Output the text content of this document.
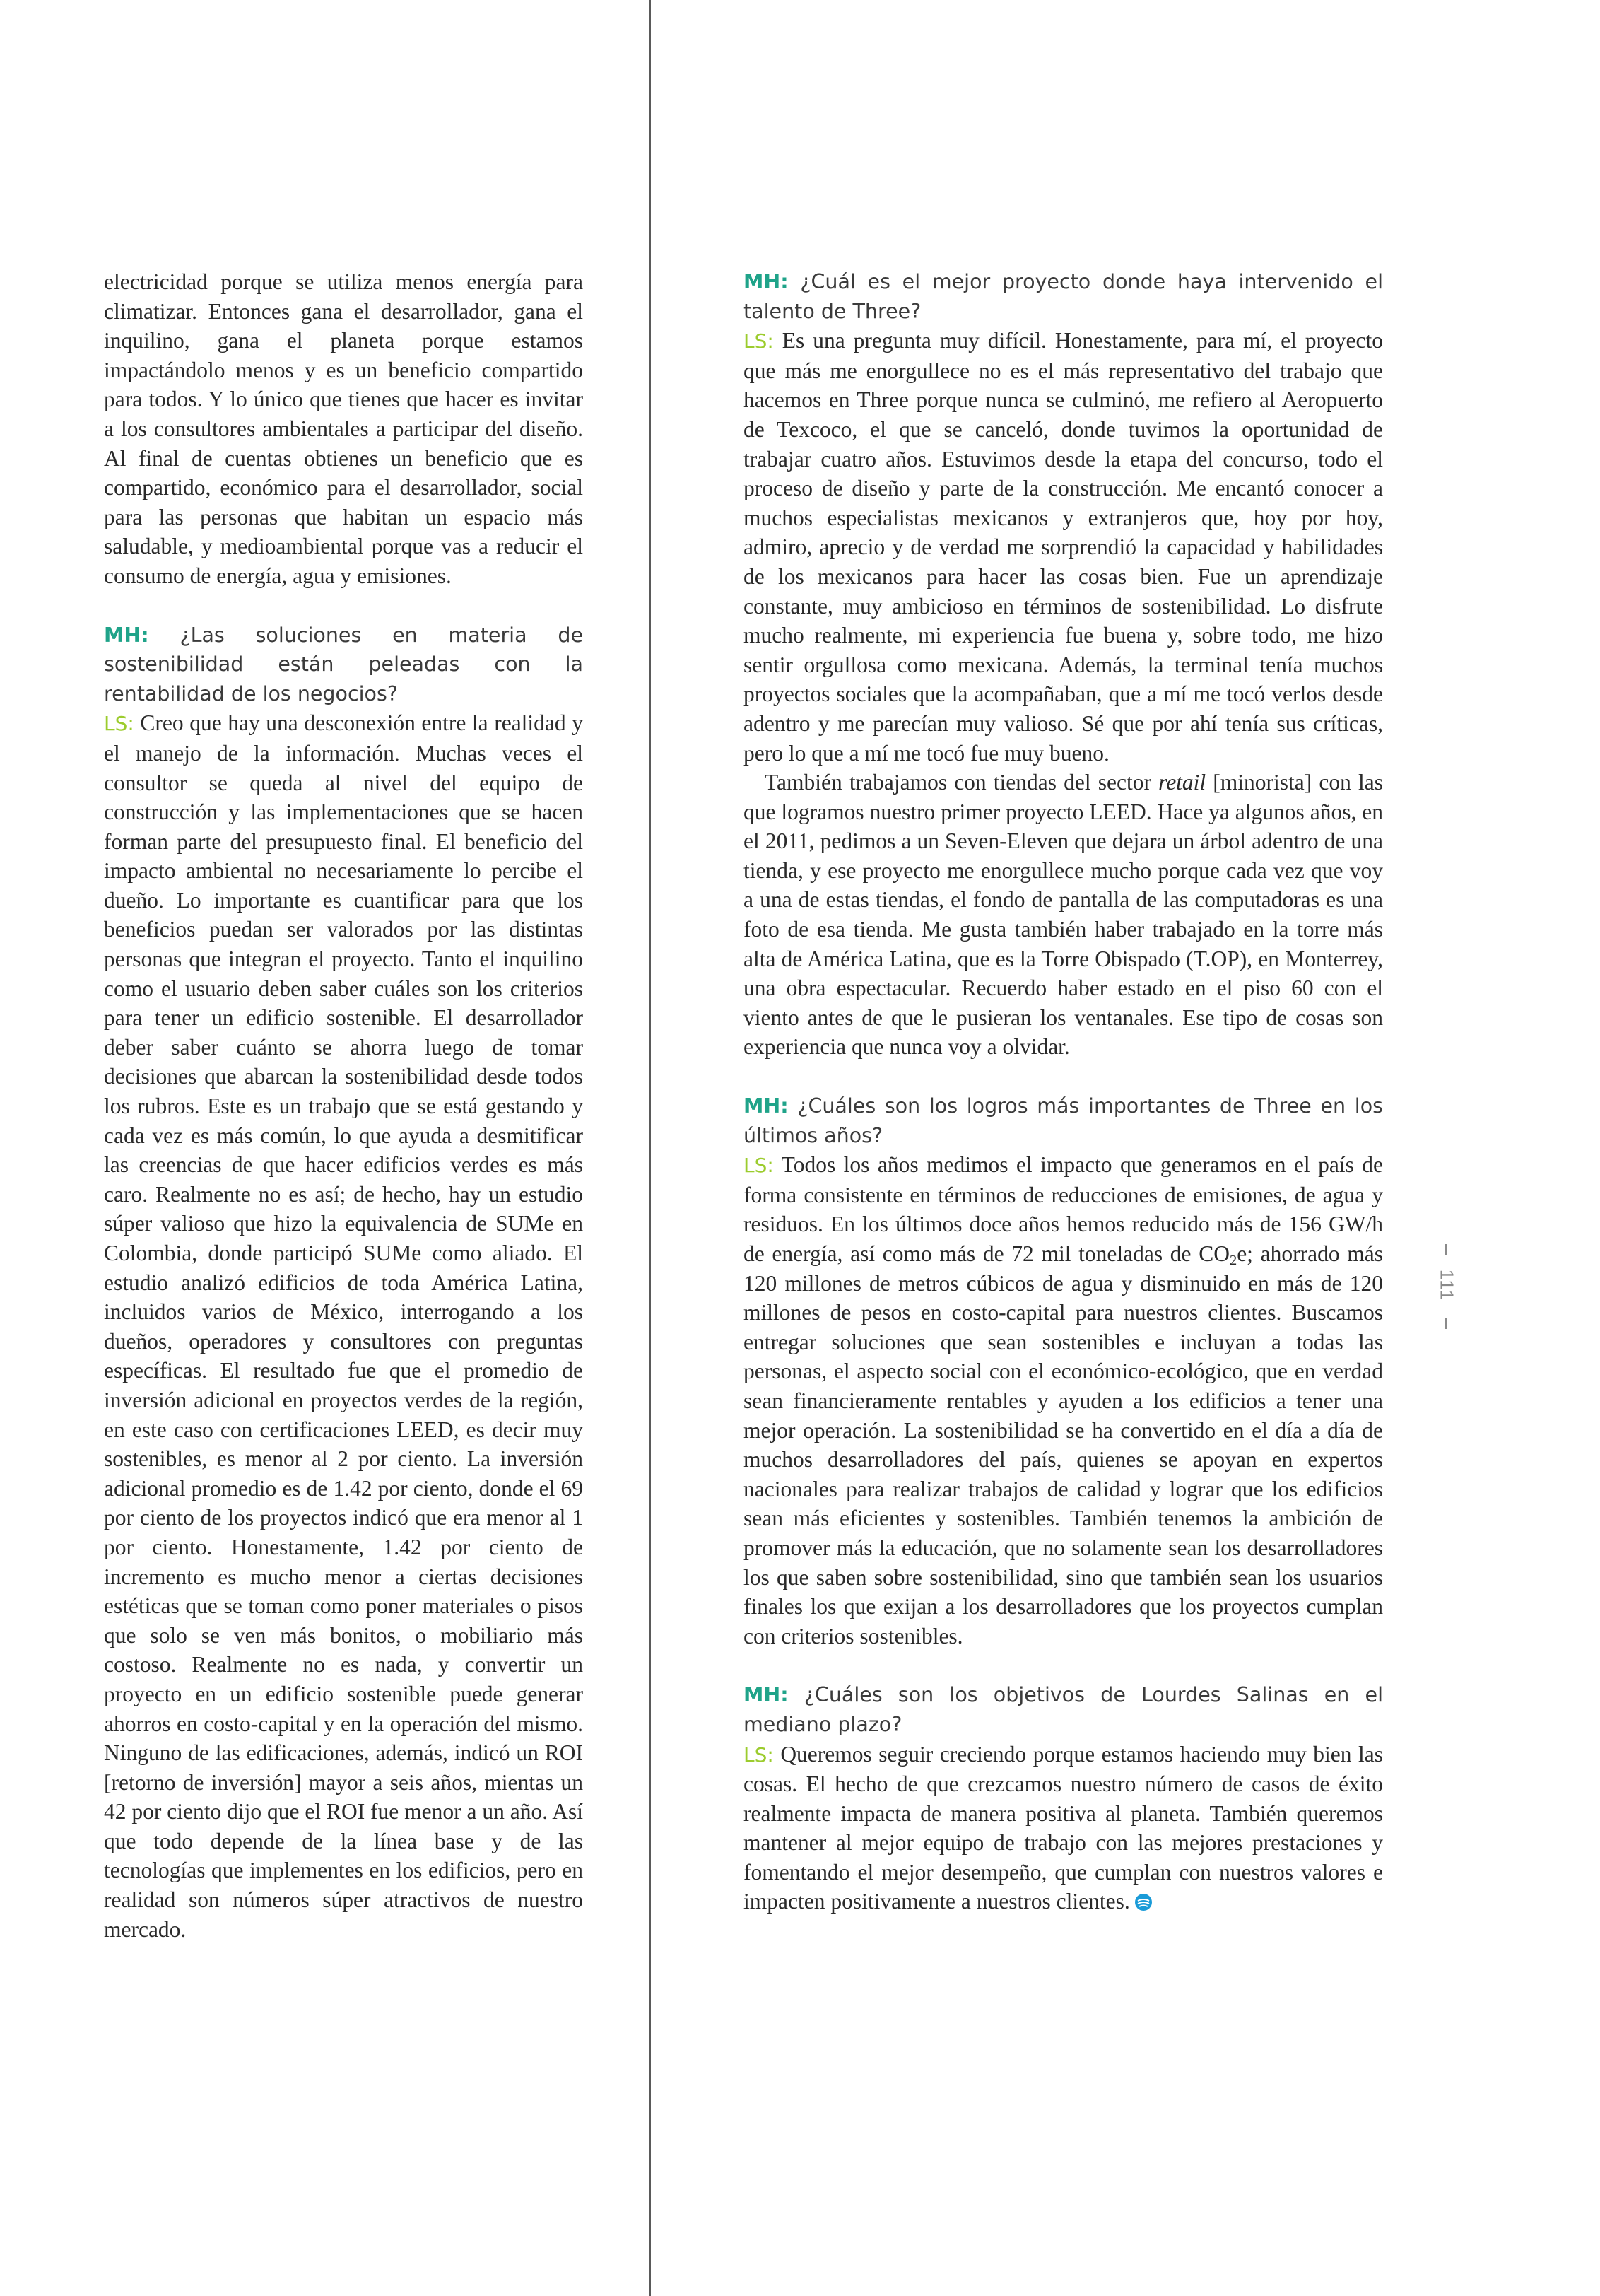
electricidad porque se utiliza menos energía para climatizar. Entonces gana el desarrollador, gana el inquilino, gana el planeta porque estamos impactándolo menos y es un beneficio compartido para todos. Y lo único que tienes que hacer es invitar a los consultores ambientales a participar del diseño. Al final de cuentas obtienes un beneficio que es compartido, económico para el desarrollador, social para las personas que habitan un espacio más saludable, y medioambiental porque vas a reducir el consumo de energía, agua y emisiones.

MH: ¿Las soluciones en materia de sostenibilidad están peleadas con la rentabilidad de los negocios?

LS: Creo que hay una desconexión entre la realidad y el manejo de la información. Muchas veces el consultor se queda al nivel del equipo de construcción y las implementaciones que se hacen forman parte del presupuesto final. El beneficio del impacto ambiental no necesariamente lo percibe el dueño. Lo importante es cuantificar para que los beneficios puedan ser valorados por las distintas personas que integran el proyecto. Tanto el inquilino como el usuario deben saber cuáles son los criterios para tener un edificio sostenible. El desarrollador deber saber cuánto se ahorra luego de tomar decisiones que abarcan la sostenibilidad desde todos los rubros. Este es un trabajo que se está gestando y cada vez es más común, lo que ayuda a desmitificar las creencias de que hacer edificios verdes es más caro. Realmente no es así; de hecho, hay un estudio súper valioso que hizo la equivalencia de SUMe en Colombia, donde participó SUMe como aliado. El estudio analizó edificios de toda América Latina, incluidos varios de México, interrogando a los dueños, operadores y consultores con preguntas específicas. El resultado fue que el promedio de inversión adicional en proyectos verdes de la región, en este caso con certificaciones LEED, es decir muy sostenibles, es menor al 2 por ciento. La inversión adicional promedio es de 1.42 por ciento, donde el 69 por ciento de los proyectos indicó que era menor al 1 por ciento. Honestamente, 1.42 por ciento de incremento es mucho menor a ciertas decisiones estéticas que se toman como poner materiales o pisos que solo se ven más bonitos, o mobiliario más costoso. Realmente no es nada, y convertir un proyecto en un edificio sostenible puede generar ahorros en costo-capital y en la operación del mismo. Ninguno de las edificaciones, además, indicó un ROI [retorno de inversión] mayor a seis años, mientas un 42 por ciento dijo que el ROI fue menor a un año. Así que todo depende de la línea base y de las tecnologías que implementes en los edificios, pero en realidad son números súper atractivos de nuestro mercado.

MH: ¿Cuál es el mejor proyecto donde haya intervenido el talento de Three?

LS: Es una pregunta muy difícil. Honestamente, para mí, el proyecto que más me enorgullece no es el más representativo del trabajo que hacemos en Three porque nunca se culminó, me refiero al Aeropuerto de Texcoco, el que se canceló, donde tuvimos la oportunidad de trabajar cuatro años. Estuvimos desde la etapa del concurso, todo el proceso de diseño y parte de la construcción. Me encantó conocer a muchos especialistas mexicanos y extranjeros que, hoy por hoy, admiro, aprecio y de verdad me sorprendió la capacidad y habilidades de los mexicanos para hacer las cosas bien. Fue un aprendizaje constante, muy ambicioso en términos de sostenibilidad. Lo disfrute mucho realmente, mi experiencia fue buena y, sobre todo, me hizo sentir orgullosa como mexicana. Además, la terminal tenía muchos proyectos sociales que la acompañaban, que a mí me tocó verlos desde adentro y me parecían muy valioso. Sé que por ahí tenía sus críticas, pero lo que a mí me tocó fue muy bueno.

También trabajamos con tiendas del sector retail [minorista] con las que logramos nuestro primer proyecto LEED. Hace ya algunos años, en el 2011, pedimos a un Seven-Eleven que dejara un árbol adentro de una tienda, y ese proyecto me enorgullece mucho porque cada vez que voy a una de estas tiendas, el fondo de pantalla de las computadoras es una foto de esa tienda. Me gusta también haber trabajado en la torre más alta de América Latina, que es la Torre Obispado (T.OP), en Monterrey, una obra espectacular. Recuerdo haber estado en el piso 60 con el viento antes de que le pusieran los ventanales. Ese tipo de cosas son experiencia que nunca voy a olvidar.

MH: ¿Cuáles son los logros más importantes de Three en los últimos años?

LS: Todos los años medimos el impacto que generamos en el país de forma consistente en términos de reducciones de emisiones, de agua y residuos. En los últimos doce años hemos reducido más de 156 GW/h de energía, así como más de 72 mil toneladas de $CO_2e$; ahorrado más 120 millones de metros cúbicos de agua y disminuido en más de 120 millones de pesos en costo-capital para nuestros clientes. Buscamos entregar soluciones que sean sostenibles e incluyan a todas las personas, el aspecto social con el económico-ecológico, que en verdad sean financieramente rentables y ayuden a los edificios a tener una mejor operación. La sostenibilidad se ha convertido en el día a día de muchos desarrolladores del país, quienes se apoyan en expertos nacionales para realizar trabajos de calidad y lograr que los edificios sean más eficientes y sostenibles. También tenemos la ambición de promover más la educación, que no solamente sean los desarrolladores los que saben sobre sostenibilidad, sino que también sean los usuarios finales los que exijan a los desarrolladores que los proyectos cumplan con criterios sostenibles.

MH: ¿Cuáles son los objetivos de Lourdes Salinas en el mediano plazo?

LS: Queremos seguir creciendo porque estamos haciendo muy bien las cosas. El hecho de que crezcamos nuestro número de casos de éxito realmente impacta de manera positiva al planeta. También queremos mantener al mejor equipo de trabajo con las mejores prestaciones y fomentando el mejor desempeño, que cumplan con nuestros valores e impacten positivamente a nuestros clientes.

111
